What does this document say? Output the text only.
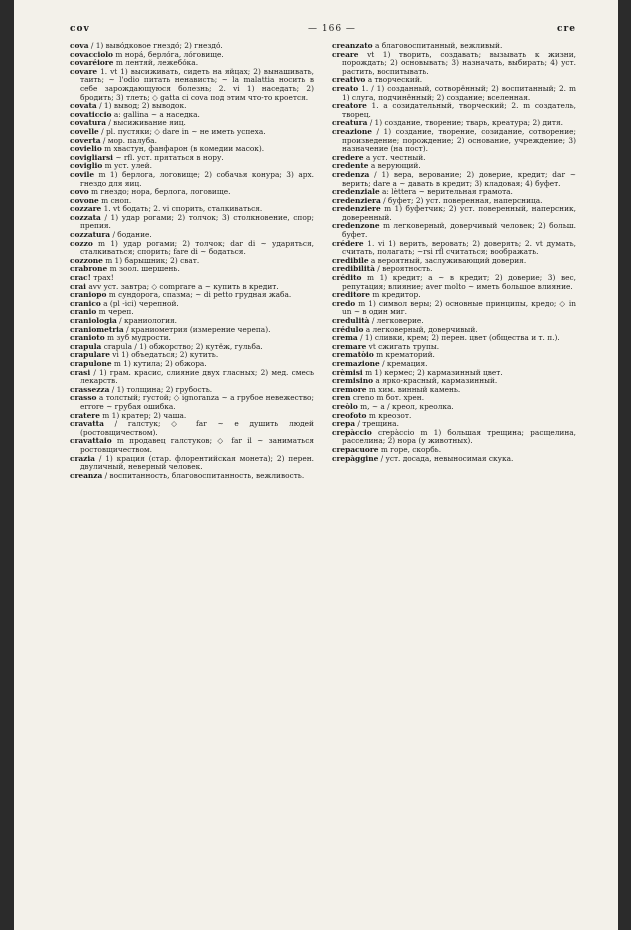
cov	— 166 —	cre

cova / 1) выво́дковое гнездо́; 2) гнездо́.

covacciolo m нора́, берло́га, ло́говище.

covaréiore m лентяй, лежебо́ка.

covare 1. vt 1) высиживать, сидеть на яйцах; 2) вынашивать, таить; ~ l'odio питать ненависть; ~ la malattia носить в себе зарождающуюся болезнь; 2. vi 1) наседать; 2) бродить; 3) тлеть; ◇ gatta ci cova под этим что-то кроется.

covata / 1) вывод; 2) выводок.

covaticcio a: gallina ~ а наседка.

covatura / высиживание яиц.

covelle / pl. пустяки; ◇ dare in ~ не иметь успеха.

coverta / мор. палуба.

covielio m хвастун, фанфарон (в комедии масок).

covigliarsi ~ rfl. уст. прятаться в нору.

coviglio m уст. улей.

covile m 1) берлога, логовище; 2) собачья конура; 3) арх. гнездо для яиц.

covo m гнездо; нора, берлога, логовище.

covone m сноп.

cozzare 1. vt бодать; 2. vi спорить, сталкиваться.

cozzata / 1) удар рогами; 2) толчок; 3) столкновение, спор; препия.

cozzatura / бодание.

cozzo m 1) удар рогами; 2) толчок; dar di ~ ударяться, сталкиваться; спорить; fare di ~ бодаться.

cozzone m 1) барышник; 2) сват.

crabrone m зоол. шершень.

crac! трах!

crai avv уст. завтра; ◇ comprare a ~ купить в кредит.

craniopo m сундорога, спазма; ~ di petto грудная жаба.

cranico a (pl -ici) черепной.

cranio m череп.

craniologia / краниология.

craniometria / краниометрия (измерение черепа).

cranioto m зуб мудрости.

crapula crapula / 1) обжорство; 2) кутёж, гульба.

crapulare vi 1) объедаться; 2) кутить.

crapulone m 1) кутила; 2) обжора.

crasi / 1) грам. красис, слияние двух гласных; 2) мед. смесь лекарств.

crassezza / 1) толщина; 2) грубость.

crasso a толстый; густой; ◇ ignoranza ~ а грубое невежество; errore ~ грубая ошибка.

cratere m 1) кратер; 2) чаша.

cravatta / галстук; ◇ far ~ е душить людей (ростовщичеством).

cravattaio m продавец галстуков; ◇ far il ~ заниматься ростовщичеством.

crazia / 1) крация (стар. флорентийская монета); 2) перен. двуличный, неверный человек.

creanza / воспитанность, благовоспитанность, вежливость.

creanzato a благовоспитанный, вежливый.

creare vt 1) творить, создавать; вызывать к жизни, порождать; 2) основывать; 3) назначать, выбирать; 4) уст. растить, воспитывать.

creativo a творческий.

creato 1. / 1) созданный, сотворённый; 2) воспитанный; 2. m 1) слуга, подчинённый; 2) создание; вселенная.

creatore 1. a созидательный, творческий; 2. m создатель, творец.

creatura / 1) создание, творение; тварь, креатура; 2) дитя.

creazione / 1) создание, творение, созидание, сотворение; произведение; порождение; 2) основание, учреждение; 3) назначение (на пост).

credere a уст. честный.

credente a верующий.

credenza / 1) вера, верование; 2) доверие, кредит; dar ~ верить; dare a ~ давать в кредит; 3) кладовая; 4) буфет.

credenziale a: lèttera ~ верительная грамота.

credenziera / буфет; 2) уст. поверенная, наперсница.

credenziere m 1) буфетчик; 2) уст. поверенный, наперсник, доверенный.

credenzone m легковерный, доверчивый человек; 2) больш. буфет.

crédere 1. vi 1) верить, веровать; 2) доверять; 2. vt думать, считать, полагать; ~rsi rfl считаться; воображать.

credibile a вероятный, заслуживающий доверия.

credibilità / вероятность.

crédito m 1) кредит; a ~ в кредит; 2) доверие; 3) вес, репутация; влияние; aver molto ~ иметь большое влияние.

creditore m кредитор.

credo m 1) символ веры; 2) основные принципы, кредо; ◇ in un ~ в один миг.

credulità / легковерие.

crédulo a легковерный, доверчивый.

crema / 1) сливки, крем; 2) перен. цвет (общества и т. п.).

cremare vt сжигать трупы.

crematòio m крематорий.

cremazione / кремация.

crèmisi m 1) кермес; 2) кармазинный цвет.

cremisino a ярко-красный, кармазинный.

cremore m хим. винный камень.

cren creno m бот. хрен.

creòlo m, ~ a / креол, креолка.

creofoto m креозот.

crepa / трещина.

crepàccio crepàccio m 1) большая трещина; расщелина, расселина; 2) нора (у животных).

crepacuore m горе, скорбь.

crepàggine / уст. досада, невыносимая скука.
